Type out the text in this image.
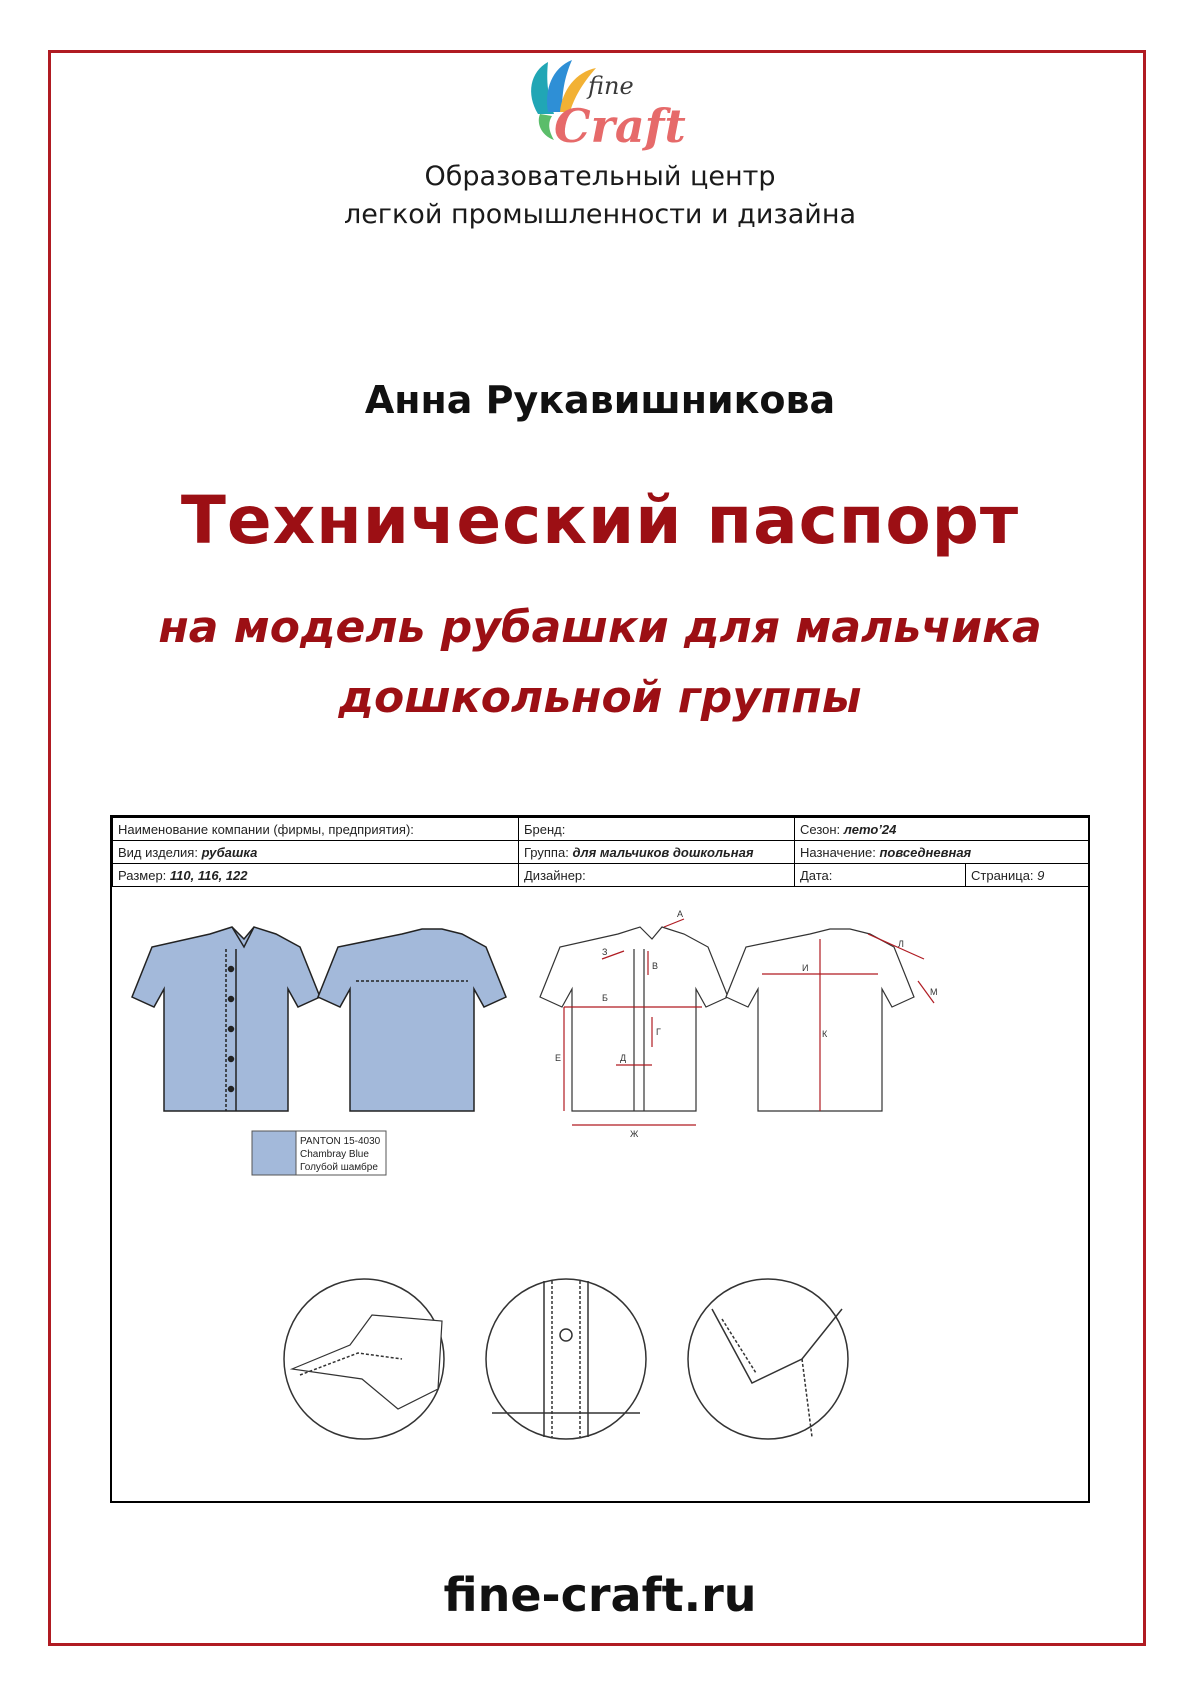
fine
Craft
Образовательный центр
легкой промышленности и дизайна
Анна Рукавишникова
Технический паспорт
на модель рубашки для мальчика
дошкольной группы
Наименование компании (фирмы, предприятия):	Бренд:	Сезон: лето’24	
Вид изделия: рубашка	Группа: для мальчиков дошкольная	Назначение: повседневная	
Размер: 110, 116, 122	Дизайнер:	Дата:	Страница: 9
PANTON 15-4030
Chambray Blue
Голубой шамбре
А
Б
В
Г
Д
Е
Ж
З
И
К
Л
М
fine-craft.ru
